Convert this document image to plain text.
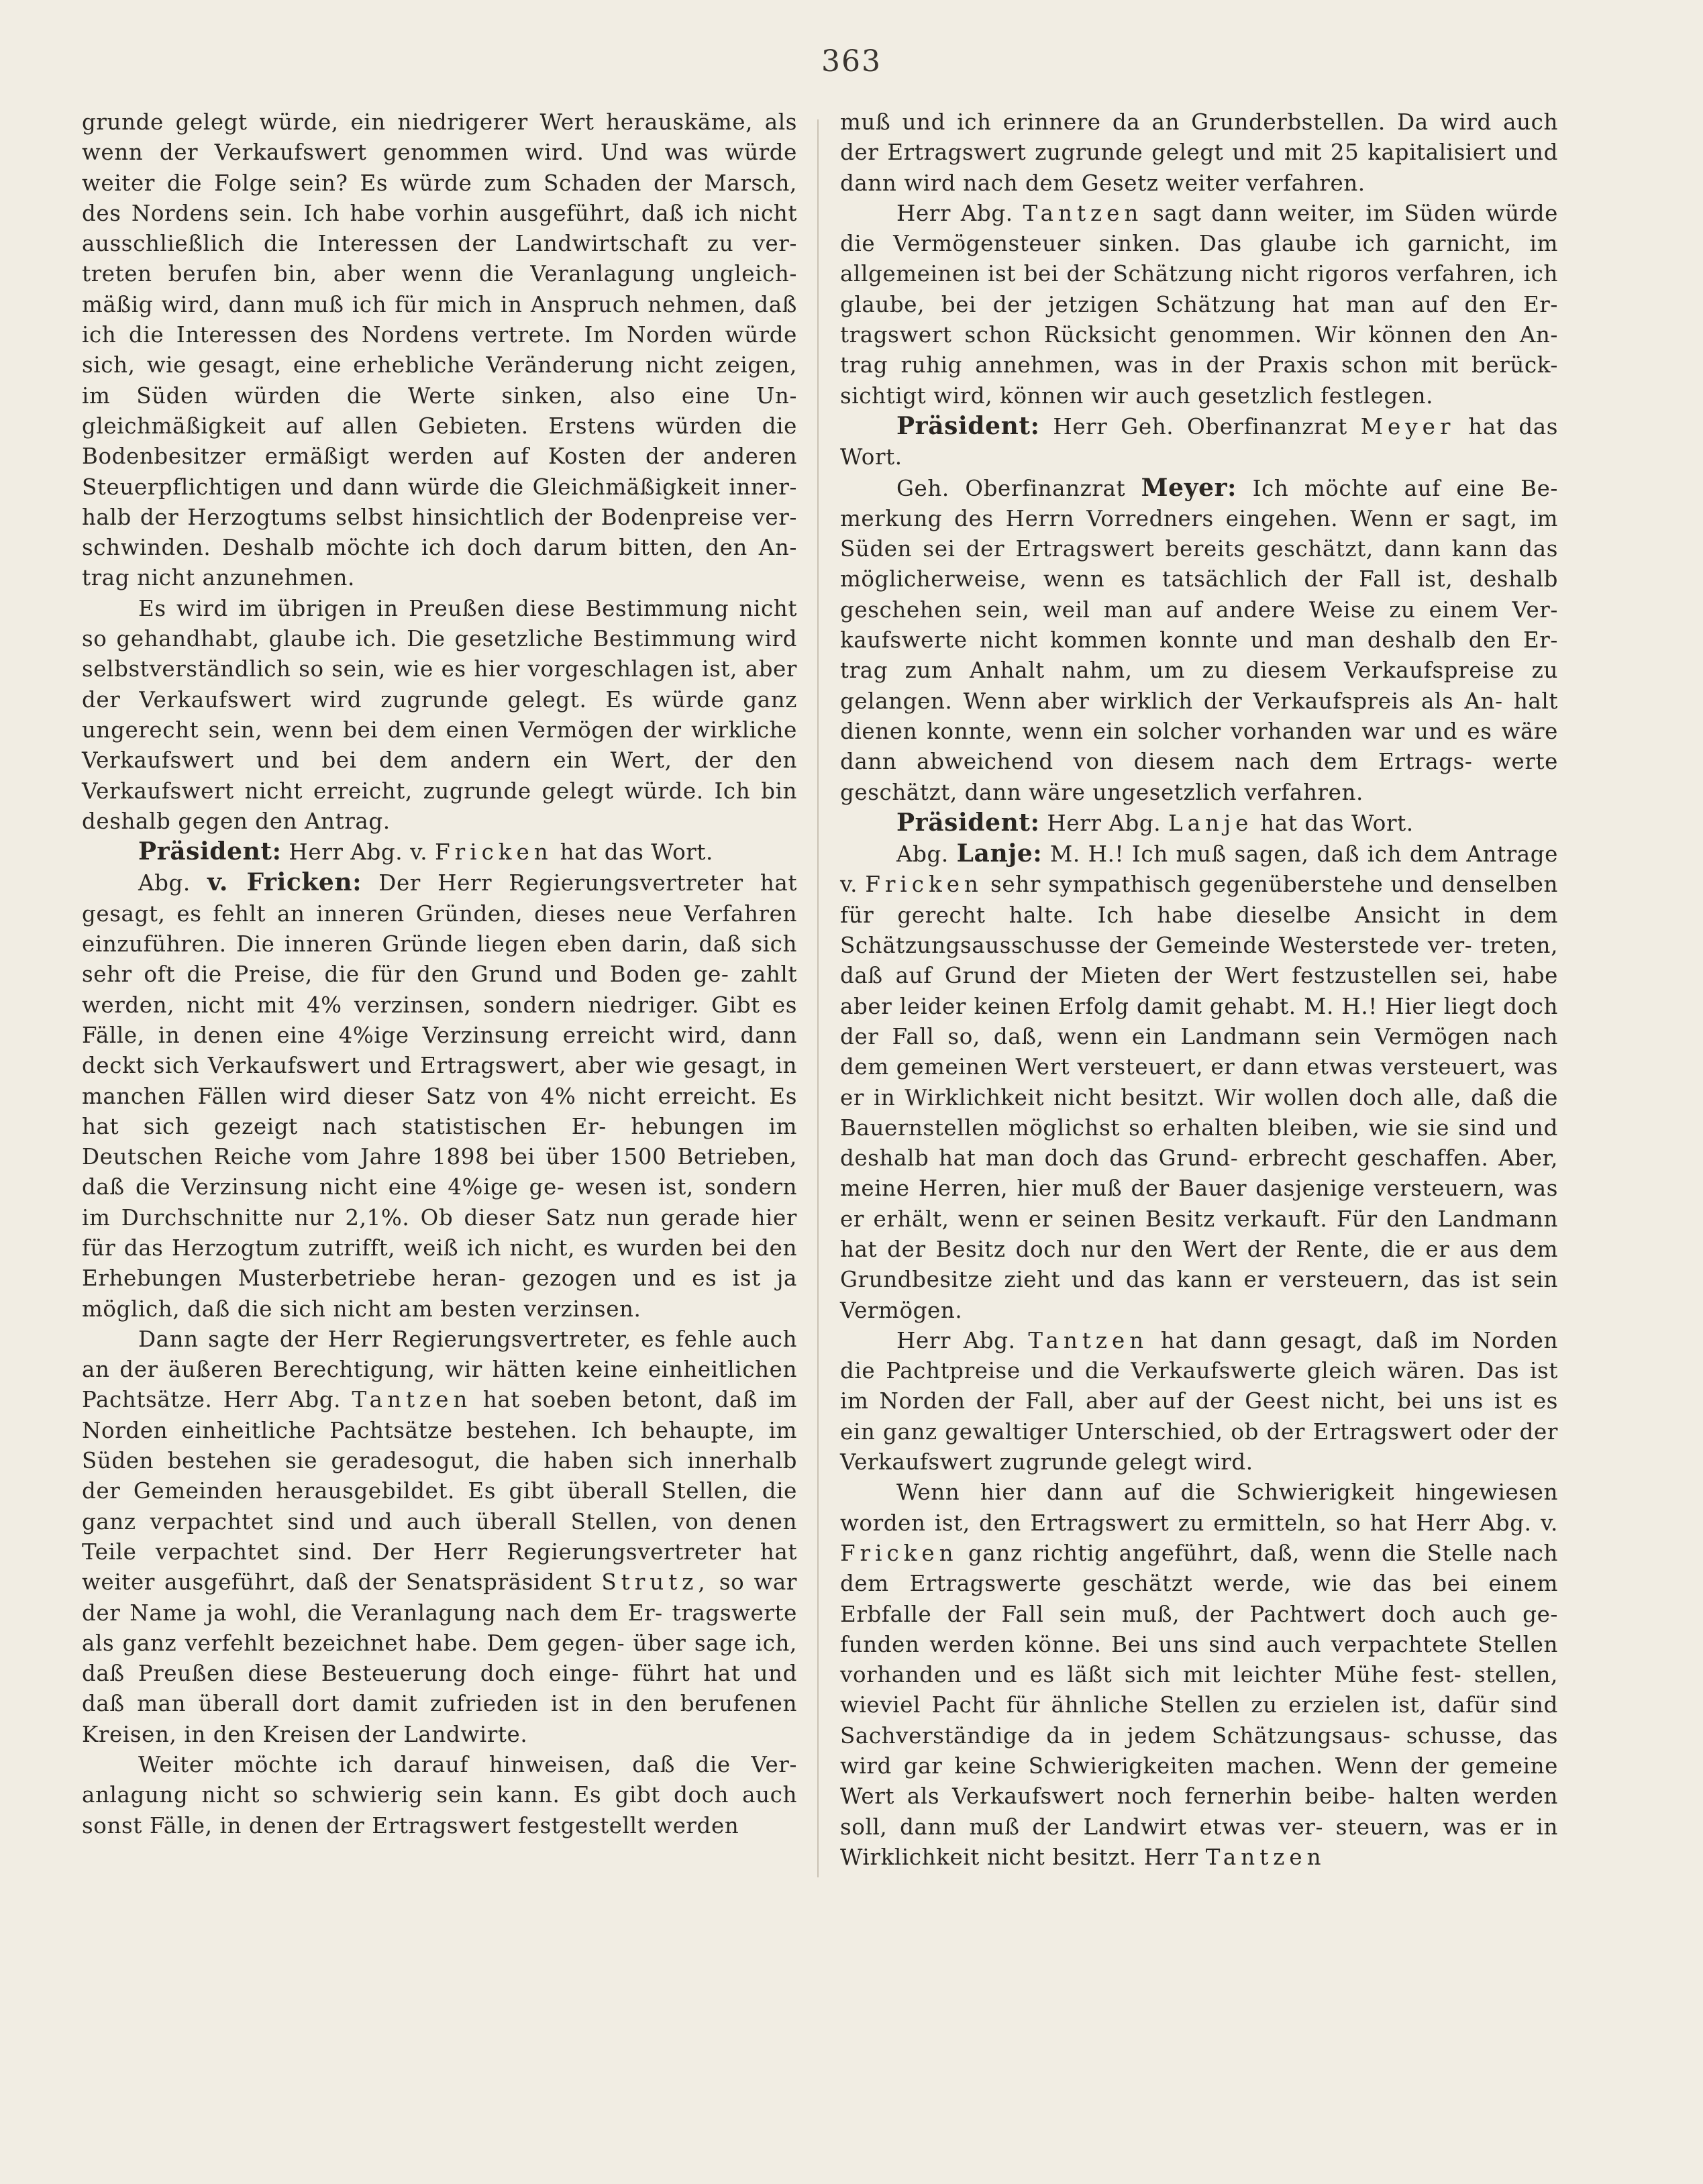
363

grunde gelegt würde, ein niedrigerer Wert herauskäme, als wenn der Verkaufswert genommen wird. Und was würde weiter die Folge sein? Es würde zum Schaden der Marsch, des Nordens sein. Ich habe vorhin ausgeführt, daß ich nicht ausschließlich die Interessen der Landwirtschaft zu ver- treten berufen bin, aber wenn die Veranlagung ungleich- mäßig wird, dann muß ich für mich in Anspruch nehmen, daß ich die Interessen des Nordens vertrete. Im Norden würde sich, wie gesagt, eine erhebliche Veränderung nicht zeigen, im Süden würden die Werte sinken, also eine Un- gleichmäßigkeit auf allen Gebieten. Erstens würden die Bodenbesitzer ermäßigt werden auf Kosten der anderen Steuerpflichtigen und dann würde die Gleichmäßigkeit inner- halb der Herzogtums selbst hinsichtlich der Bodenpreise ver- schwinden. Deshalb möchte ich doch darum bitten, den An- trag nicht anzunehmen.

Es wird im übrigen in Preußen diese Bestimmung nicht so gehandhabt, glaube ich. Die gesetzliche Bestimmung wird selbstverständlich so sein, wie es hier vorgeschlagen ist, aber der Verkaufswert wird zugrunde gelegt. Es würde ganz ungerecht sein, wenn bei dem einen Vermögen der wirkliche Verkaufswert und bei dem andern ein Wert, der den Verkaufswert nicht erreicht, zugrunde gelegt würde. Ich bin deshalb gegen den Antrag.

Präsident: Herr Abg. v. Fricken hat das Wort.

Abg. v. Fricken: Der Herr Regierungsvertreter hat gesagt, es fehlt an inneren Gründen, dieses neue Verfahren einzuführen. Die inneren Gründe liegen eben darin, daß sich sehr oft die Preise, die für den Grund und Boden ge- zahlt werden, nicht mit 4% verzinsen, sondern niedriger. Gibt es Fälle, in denen eine 4%ige Verzinsung erreicht wird, dann deckt sich Verkaufswert und Ertragswert, aber wie gesagt, in manchen Fällen wird dieser Satz von 4% nicht erreicht. Es hat sich gezeigt nach statistischen Er- hebungen im Deutschen Reiche vom Jahre 1898 bei über 1500 Betrieben, daß die Verzinsung nicht eine 4%ige ge- wesen ist, sondern im Durchschnitte nur 2,1%. Ob dieser Satz nun gerade hier für das Herzogtum zutrifft, weiß ich nicht, es wurden bei den Erhebungen Musterbetriebe heran- gezogen und es ist ja möglich, daß die sich nicht am besten verzinsen.

Dann sagte der Herr Regierungsvertreter, es fehle auch an der äußeren Berechtigung, wir hätten keine einheitlichen Pachtsätze. Herr Abg. Tantzen hat soeben betont, daß im Norden einheitliche Pachtsätze bestehen. Ich behaupte, im Süden bestehen sie geradesogut, die haben sich innerhalb der Gemeinden herausgebildet. Es gibt überall Stellen, die ganz verpachtet sind und auch überall Stellen, von denen Teile verpachtet sind. Der Herr Regierungsvertreter hat weiter ausgeführt, daß der Senatspräsident Strutz, so war der Name ja wohl, die Veranlagung nach dem Er- tragswerte als ganz verfehlt bezeichnet habe. Dem gegen- über sage ich, daß Preußen diese Besteuerung doch einge- führt hat und daß man überall dort damit zufrieden ist in den berufenen Kreisen, in den Kreisen der Landwirte.

Weiter möchte ich darauf hinweisen, daß die Ver- anlagung nicht so schwierig sein kann. Es gibt doch auch sonst Fälle, in denen der Ertragswert festgestellt werden

muß und ich erinnere da an Grunderbstellen. Da wird auch der Ertragswert zugrunde gelegt und mit 25 kapitalisiert und dann wird nach dem Gesetz weiter verfahren.

Herr Abg. Tantzen sagt dann weiter, im Süden würde die Vermögensteuer sinken. Das glaube ich garnicht, im allgemeinen ist bei der Schätzung nicht rigoros verfahren, ich glaube, bei der jetzigen Schätzung hat man auf den Er- tragswert schon Rücksicht genommen. Wir können den An- trag ruhig annehmen, was in der Praxis schon mit berück- sichtigt wird, können wir auch gesetzlich festlegen.

Präsident: Herr Geh. Oberfinanzrat Meyer hat das Wort.

Geh. Oberfinanzrat Meyer: Ich möchte auf eine Be- merkung des Herrn Vorredners eingehen. Wenn er sagt, im Süden sei der Ertragswert bereits geschätzt, dann kann das möglicherweise, wenn es tatsächlich der Fall ist, deshalb geschehen sein, weil man auf andere Weise zu einem Ver- kaufswerte nicht kommen konnte und man deshalb den Er- trag zum Anhalt nahm, um zu diesem Verkaufspreise zu gelangen. Wenn aber wirklich der Verkaufspreis als An- halt dienen konnte, wenn ein solcher vorhanden war und es wäre dann abweichend von diesem nach dem Ertrags- werte geschätzt, dann wäre ungesetzlich verfahren.

Präsident: Herr Abg. Lanje hat das Wort.

Abg. Lanje: M. H.! Ich muß sagen, daß ich dem Antrage v. Fricken sehr sympathisch gegenüberstehe und denselben für gerecht halte. Ich habe dieselbe Ansicht in dem Schätzungsausschusse der Gemeinde Westerstede ver- treten, daß auf Grund der Mieten der Wert festzustellen sei, habe aber leider keinen Erfolg damit gehabt. M. H.! Hier liegt doch der Fall so, daß, wenn ein Landmann sein Vermögen nach dem gemeinen Wert versteuert, er dann etwas versteuert, was er in Wirklichkeit nicht besitzt. Wir wollen doch alle, daß die Bauernstellen möglichst so erhalten bleiben, wie sie sind und deshalb hat man doch das Grund- erbrecht geschaffen. Aber, meine Herren, hier muß der Bauer dasjenige versteuern, was er erhält, wenn er seinen Besitz verkauft. Für den Landmann hat der Besitz doch nur den Wert der Rente, die er aus dem Grundbesitze zieht und das kann er versteuern, das ist sein Vermögen.

Herr Abg. Tantzen hat dann gesagt, daß im Norden die Pachtpreise und die Verkaufswerte gleich wären. Das ist im Norden der Fall, aber auf der Geest nicht, bei uns ist es ein ganz gewaltiger Unterschied, ob der Ertragswert oder der Verkaufswert zugrunde gelegt wird.

Wenn hier dann auf die Schwierigkeit hingewiesen worden ist, den Ertragswert zu ermitteln, so hat Herr Abg. v. Fricken ganz richtig angeführt, daß, wenn die Stelle nach dem Ertragswerte geschätzt werde, wie das bei einem Erbfalle der Fall sein muß, der Pachtwert doch auch ge- funden werden könne. Bei uns sind auch verpachtete Stellen vorhanden und es läßt sich mit leichter Mühe fest- stellen, wieviel Pacht für ähnliche Stellen zu erzielen ist, dafür sind Sachverständige da in jedem Schätzungsaus- schusse, das wird gar keine Schwierigkeiten machen. Wenn der gemeine Wert als Verkaufswert noch fernerhin beibe- halten werden soll, dann muß der Landwirt etwas ver- steuern, was er in Wirklichkeit nicht besitzt. Herr Tantzen
